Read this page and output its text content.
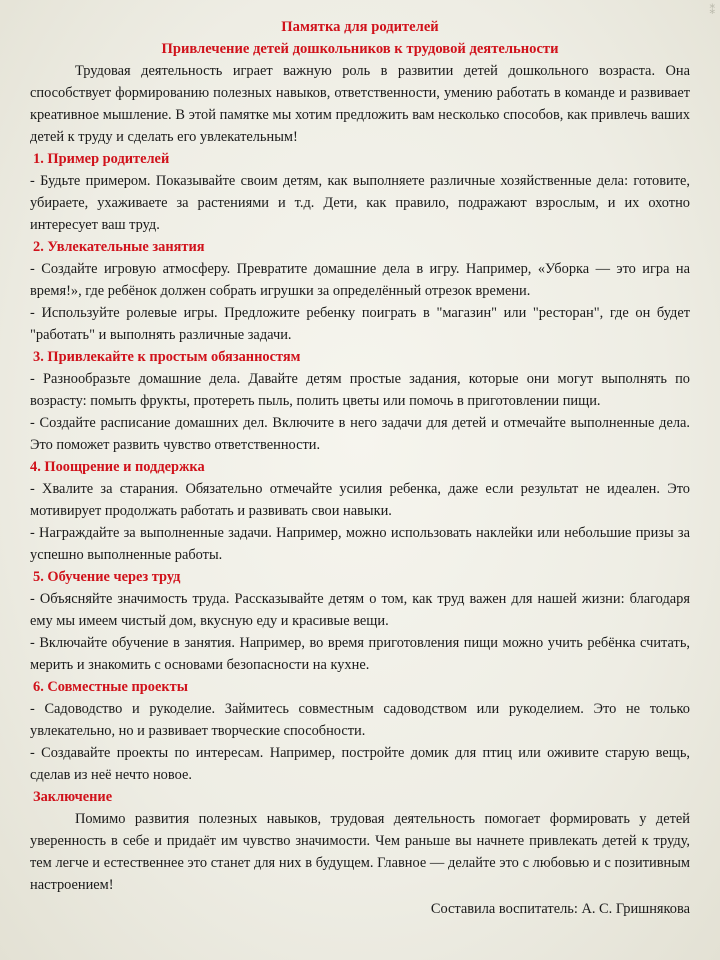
⁑

Памятка для родителей

Привлечение детей дошкольников к трудовой деятельности

Трудовая деятельность играет важную роль в развитии детей дошкольного возраста. Она способствует формированию полезных навыков, ответственности, умению работать в команде и развивает креативное мышление. В этой памятке мы хотим предложить вам несколько способов, как привлечь ваших детей к труду и сделать его увлекательным!

1. Пример родителей

- Будьте примером. Показывайте своим детям, как выполняете различные хозяйственные дела: готовите, убираете, ухаживаете за растениями и т.д. Дети, как правило, подражают взрослым, и их охотно интересует ваш труд.

2. Увлекательные занятия

- Создайте игровую атмосферу. Превратите домашние дела в игру. Например, «Уборка — это игра на время!», где ребёнок должен собрать игрушки за определённый отрезок времени.

- Используйте ролевые игры. Предложите ребенку поиграть в "магазин" или "ресторан", где он будет "работать" и выполнять различные задачи.

3. Привлекайте к простым обязанностям

- Разнообразьте домашние дела. Давайте детям простые задания, которые они могут выполнять по возрасту: помыть фрукты, протереть пыль, полить цветы или помочь в приготовлении пищи.

- Создайте расписание домашних дел. Включите в него задачи для детей и отмечайте выполненные дела. Это поможет развить чувство ответственности.

4. Поощрение и поддержка

- Хвалите за старания. Обязательно отмечайте усилия ребенка, даже если результат не идеален. Это мотивирует продолжать работать и развивать свои навыки.

- Награждайте за выполненные задачи. Например, можно использовать наклейки или небольшие призы за успешно выполненные работы.

5. Обучение через труд

- Объясняйте значимость труда. Рассказывайте детям о том, как труд важен для нашей жизни: благодаря ему мы имеем чистый дом, вкусную еду и красивые вещи.

- Включайте обучение в занятия. Например, во время приготовления пищи можно учить ребёнка считать, мерить и знакомить с основами безопасности на кухне.

6. Совместные проекты

- Садоводство и рукоделие. Займитесь совместным садоводством или рукоделием. Это не только увлекательно, но и развивает творческие способности.

- Создавайте проекты по интересам. Например, постройте домик для птиц или оживите старую вещь, сделав из неё нечто новое.

Заключение

Помимо развития полезных навыков, трудовая деятельность помогает формировать у детей уверенность в себе и придаёт им чувство значимости. Чем раньше вы начнете привлекать детей к труду, тем легче и естественнее это станет для них в будущем. Главное — делайте это с любовью и с позитивным настроением!

Составила воспитатель: А. С. Гришнякова
